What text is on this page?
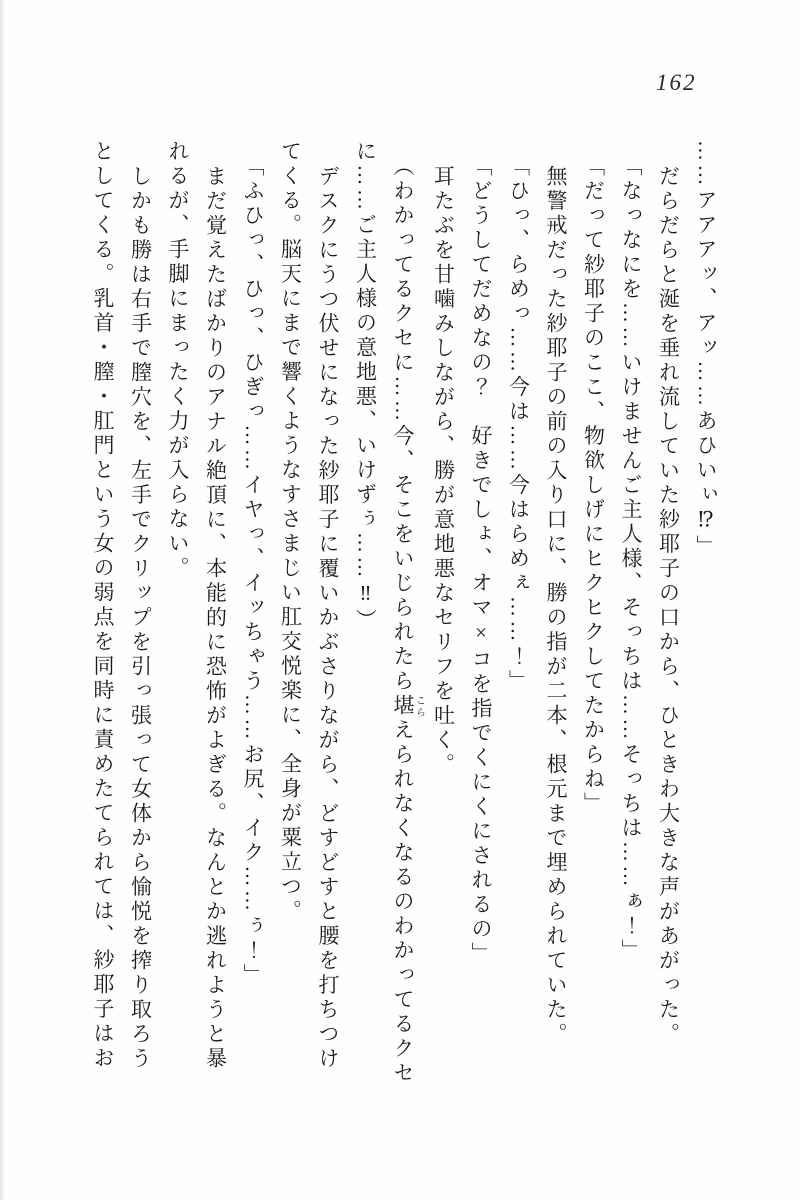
162

……アアアッ、アッ……あひいぃ⁉」

だらだらと涎を垂れ流していた紗耶子の口から、ひときわ大きな声があがった。

「なっなにを……いけませんご主人様、そっちは……そっちは……ぁ！」

「だって紗耶子のここ、物欲しげにヒクヒクしてたからね」

無警戒だった紗耶子の前の入り口に、勝の指が二本、根元まで埋められていた。

「ひっ、らめっ……今は……今はらめぇ……！」

「どうしてだめなの？　好きでしょ、オマ×コを指でくにくにされるの」

耳たぶを甘噛みしながら、勝が意地悪なセリフを吐く。

（わかってるクセに……今、そこをいじられたら堪こらえられなくなるのわかってるクセ

に……ご主人様の意地悪、いけずぅ……‼）

デスクにうつ伏せになった紗耶子に覆いかぶさりながら、どすどすと腰を打ちつけ

てくる。脳天にまで響くようなすさまじい肛交悦楽に、全身が粟立つ。

「ふひっ、ひっ、ひぎっ……イヤっ、イッちゃう……お尻、イク……ぅ！」

まだ覚えたばかりのアナル絶頂に、本能的に恐怖がよぎる。なんとか逃れようと暴

れるが、手脚にまったく力が入らない。

しかも勝は右手で膣穴を、左手でクリップを引っ張って女体から愉悦を搾り取ろう

としてくる。乳首・膣・肛門という女の弱点を同時に責めたてられては、紗耶子はお
